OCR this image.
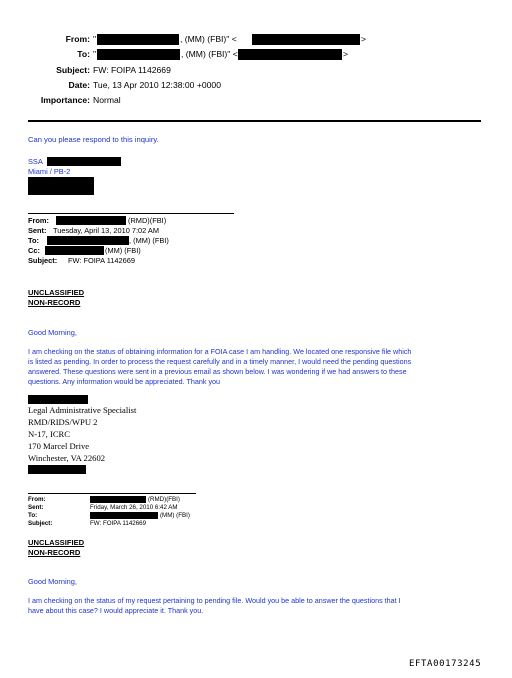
From: "	, (MM) (FBI)" <	>
To: "	, (MM) (FBI)" <	>
Subject: FW: FOIPA 1142669
Date: Tue, 13 Apr 2010 12:38:00 +0000
Importance: Normal
Can you please respond to this inquiry.
SSA
Miami / PB-2
From:	(RMD)(FBI)
Sent: Tuesday, April 13, 2010 7:02 AM
To:	, (MM) (FBI)
Cc:	(MM) (FBI)
Subject: FW: FOIPA 1142669
UNCLASSIFIED
NON-RECORD
Good Morning,
I am checking on the status of obtaining information for a FOIA case I am handling. We located one responsive file which
is listed as pending. In order to process the request carefully and in a timely manner, I would need the pending questions
answered. These questions were sent in a previous email as shown below. I was wondering if we had answers to these
questions. Any information would be appreciated. Thank you
Legal Administrative Specialist
RMD/RIDS/WPU 2
N-17, ICRC
170 Marcel Drive
Winchester, VA 22602
From:	(RMD)(FBI)
Sent:	Friday, March 26, 2010 6:42 AM
To:	(MM) (FBI)
Subject:	FW: FOIPA 1142669
UNCLASSIFIED
NON-RECORD
Good Morning,
I am checking on the status of my request pertaining to pending file. Would you be able to answer the questions that I
have about this case? I would appreciate it. Thank you.
EFTA00173245
